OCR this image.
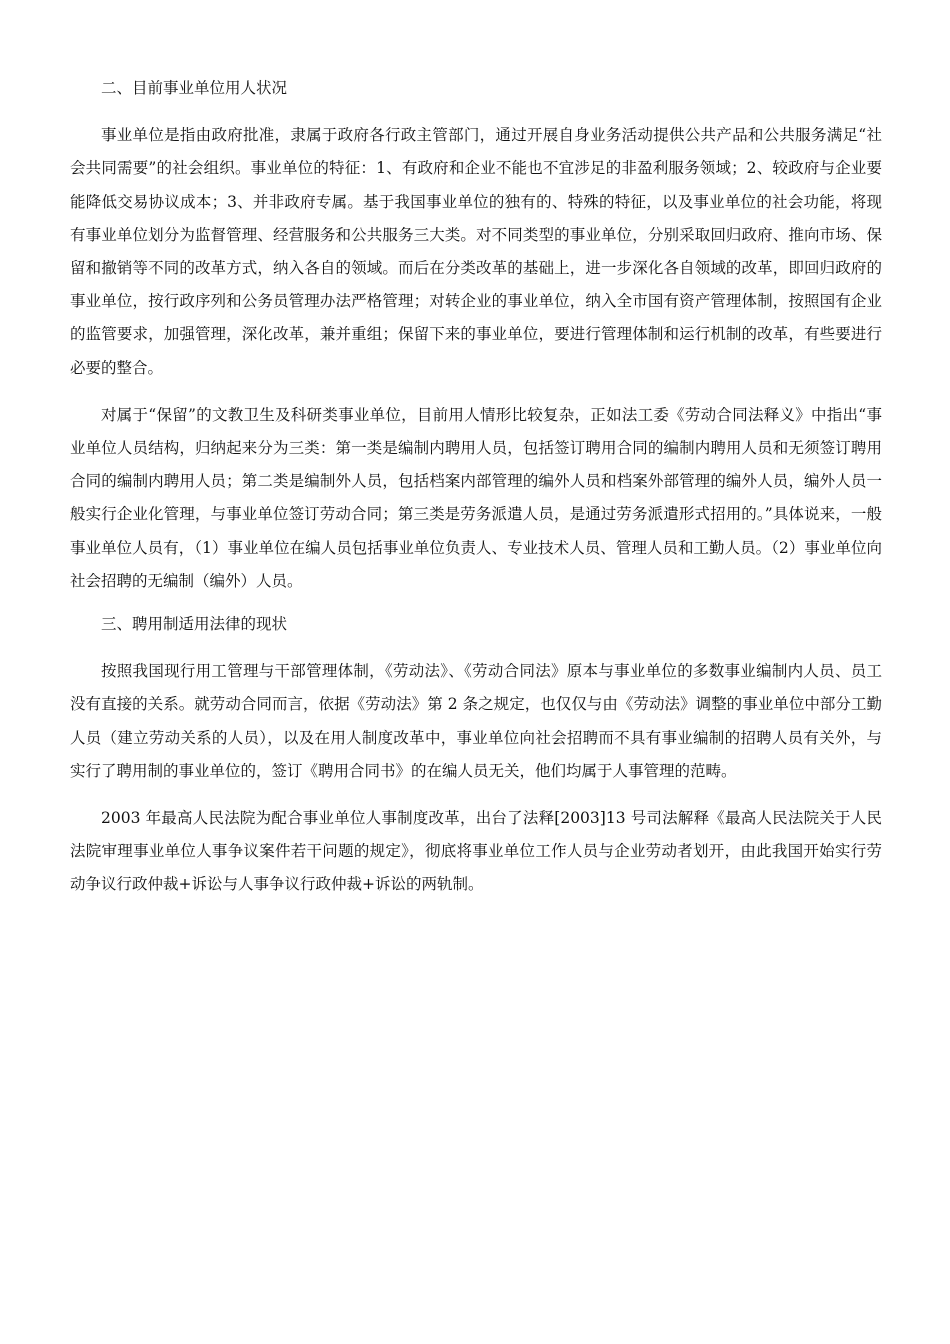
二、目前事业单位用人状况

事业单位是指由政府批准，隶属于政府各行政主管部门，通过开展自身业务活动提供公共产品和公共服务满足“社会共同需要”的社会组织。事业单位的特征：1、有政府和企业不能也不宜涉足的非盈利服务领域；2、较政府与企业要能降低交易协议成本；3、并非政府专属。基于我国事业单位的独有的、特殊的特征，以及事业单位的社会功能，将现有事业单位划分为监督管理、经营服务和公共服务三大类。对不同类型的事业单位，分别采取回归政府、推向市场、保留和撤销等不同的改革方式，纳入各自的领域。而后在分类改革的基础上，进一步深化各自领域的改革，即回归政府的事业单位，按行政序列和公务员管理办法严格管理；对转企业的事业单位，纳入全市国有资产管理体制，按照国有企业的监管要求，加强管理，深化改革，兼并重组；保留下来的事业单位，要进行管理体制和运行机制的改革，有些要进行必要的整合。

对属于“保留”的文教卫生及科研类事业单位，目前用人情形比较复杂，正如法工委《劳动合同法释义》中指出“事业单位人员结构，归纳起来分为三类：第一类是编制内聘用人员，包括签订聘用合同的编制内聘用人员和无须签订聘用合同的编制内聘用人员；第二类是编制外人员，包括档案内部管理的编外人员和档案外部管理的编外人员，编外人员一般实行企业化管理，与事业单位签订劳动合同；第三类是劳务派遣人员，是通过劳务派遣形式招用的。”具体说来，一般事业单位人员有，（1）事业单位在编人员包括事业单位负责人、专业技术人员、管理人员和工勤人员。（2）事业单位向社会招聘的无编制（编外）人员。

三、聘用制适用法律的现状

按照我国现行用工管理与干部管理体制，《劳动法》、《劳动合同法》原本与事业单位的多数事业编制内人员、员工没有直接的关系。就劳动合同而言，依据《劳动法》第 2 条之规定，也仅仅与由《劳动法》调整的事业单位中部分工勤人员（建立劳动关系的人员），以及在用人制度改革中，事业单位向社会招聘而不具有事业编制的招聘人员有关外，与实行了聘用制的事业单位的，签订《聘用合同书》的在编人员无关，他们均属于人事管理的范畴。

2003 年最高人民法院为配合事业单位人事制度改革，出台了法释[2003]13 号司法解释《最高人民法院关于人民法院审理事业单位人事争议案件若干问题的规定》，彻底将事业单位工作人员与企业劳动者划开，由此我国开始实行劳动争议行政仲裁+诉讼与人事争议行政仲裁+诉讼的两轨制。
